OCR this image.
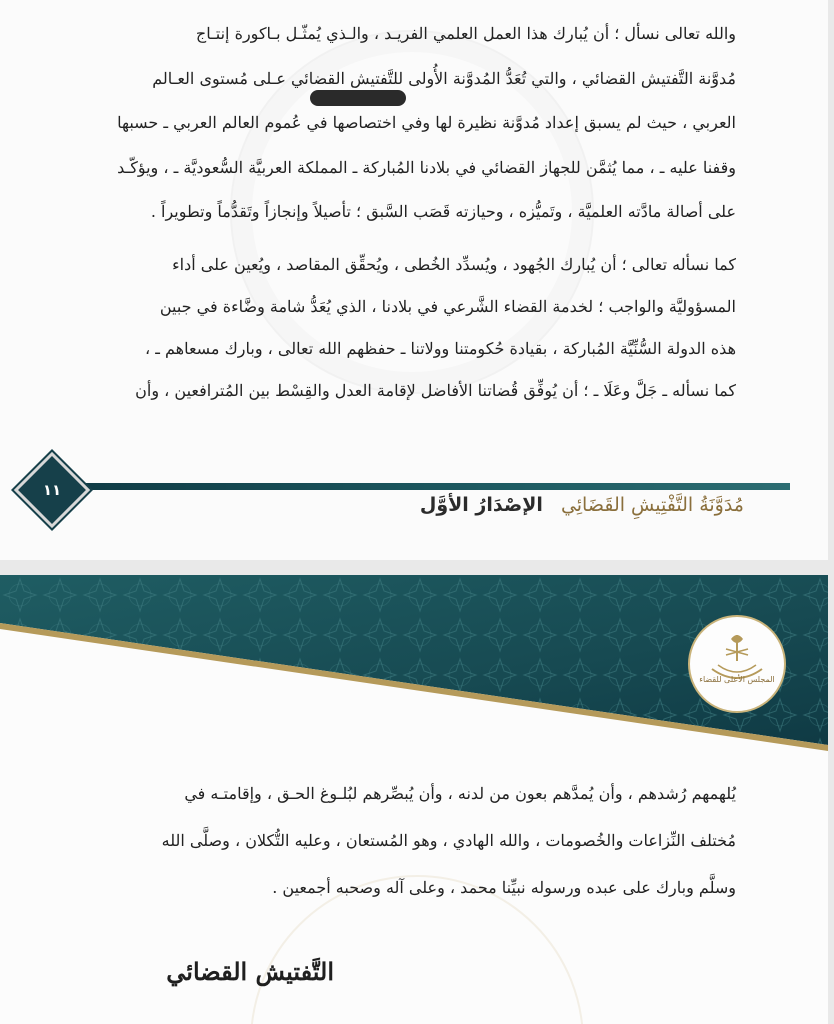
والله تعالى نسأل ؛ أن يُبارك هذا العمل العلمي الفريـد ، والـذي يُمثّـل بـاكورة إنتـاج

مُدوَّنة التَّفتيش القضائي ، والتي تُعَدُّ المُدوَّنة الأُولى للتَّفتيش القضائي عـلى مُستوى العـالم

العربي ، حيث لم يسبق إعداد مُدوَّنة نظيرة لها وفي اختصاصها في عُموم العالم العربي ـ حسبها

وقفنا عليه ـ ، مما يُثمَّن للجهاز القضائي في بلادنا المُباركة ـ المملكة العربيَّة السُّعوديَّة ـ ، ويؤكّـد

على أصالة مادَّته العلميَّة ، وتَميُّزه ، وحيازته قَصَب السَّبق ؛ تأصيلاً وإنجازاً وتَقدُّماً وتطويراً .

كما نسأله تعالى ؛ أن يُبارك الجُهود ، ويُسدِّد الخُطى ، ويُحقِّق المقاصد ، ويُعين على أداء

المسؤوليَّة والواجب ؛ لخدمة القضاء الشَّرعي في بلادنا ، الذي يُعَدُّ شامة وضَّاءة في جبين

هذه الدولة السُّنِّيَّة المُباركة ، بقيادة حُكومتنا وولاتنا ـ حفظهم الله تعالى ، وبارك مسعاهم ـ ،

كما نسأله ـ جَلَّ وعَلَا ـ ؛ أن يُوفِّق قُضاتنا الأفاضل لإقامة العدل والقِسْط بين المُترافعين ، وأن

١١
مُدَوَّنَةُ التَّفْتِيشِ القَضَائِي الإصْدَارُ الأوَّل
المجلس الأعلى للقضاء

يُلهمهم رُشدهم ، وأن يُمدَّهم بعون من لدنه ، وأن يُبصِّرهم لبُلـوغ الحـق ، وإقامتـه في

مُختلف النِّزاعات والخُصومات ، والله الهادي ، وهو المُستعان ، وعليه التُّكلان ، وصلَّى الله

وسلَّم وبارك على عبده ورسوله نبيِّنا محمد ، وعلى آله وصحبه أجمعين .

التَّفتيش القضائي
